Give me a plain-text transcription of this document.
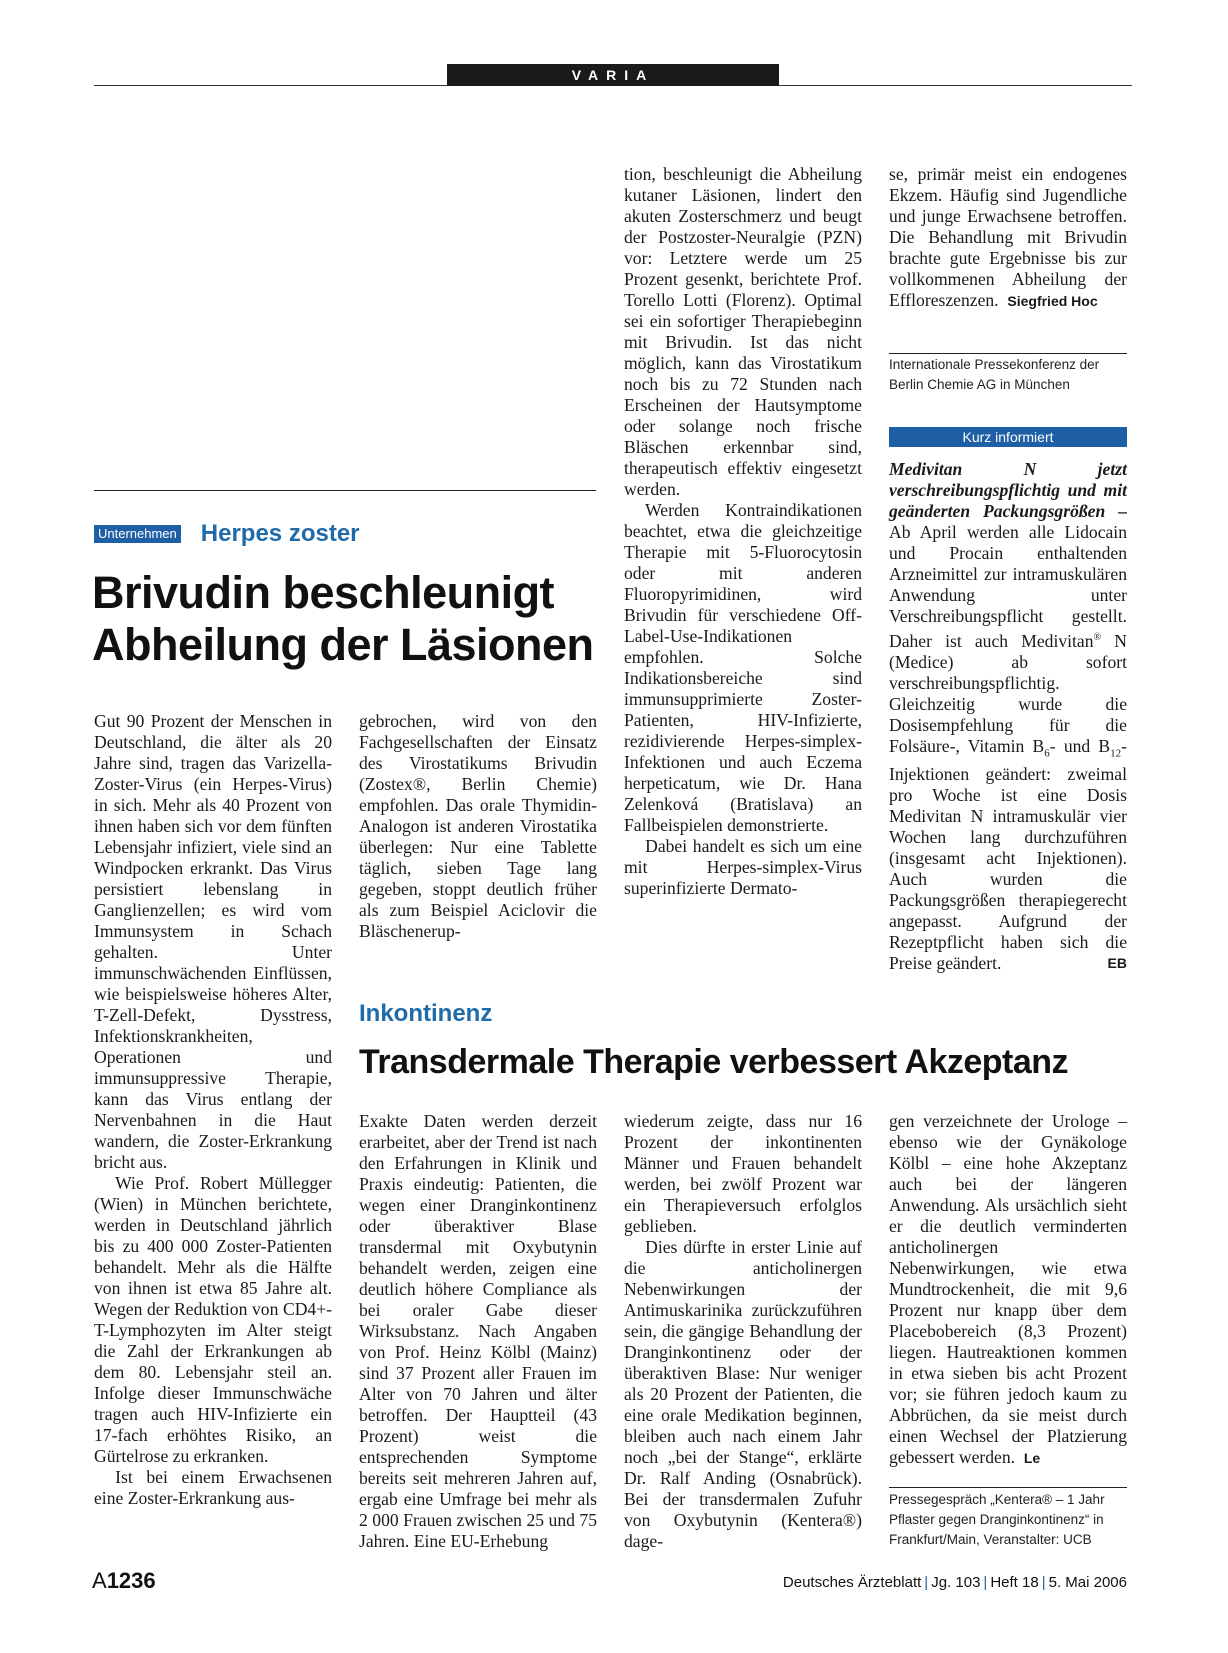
VARIA
Unternehmen Herpes zoster
Brivudin beschleunigt
Abheilung der Läsionen

Gut 90 Prozent der Menschen in Deutschland, die älter als 20 Jahre sind, tragen das Varizella-Zoster-Virus (ein Herpes-Virus) in sich. Mehr als 40 Prozent von ihnen haben sich vor dem fünften Lebensjahr infiziert, viele sind an Windpocken erkrankt. Das Virus persistiert lebenslang in Ganglienzellen; es wird vom Immunsystem in Schach gehalten. Unter immunschwächenden Einflüssen, wie beispielsweise höheres Alter, T-Zell-Defekt, Dysstress, Infektionskrankheiten, Operationen und immunsuppressive Therapie, kann das Virus entlang der Nervenbahnen in die Haut wandern, die Zoster-Erkrankung bricht aus.

Wie Prof. Robert Müllegger (Wien) in München berichtete, werden in Deutschland jährlich bis zu 400 000 Zoster-Patienten behandelt. Mehr als die Hälfte von ihnen ist etwa 85 Jahre alt. Wegen der Reduktion von CD4+-T-Lymphozyten im Alter steigt die Zahl der Erkrankungen ab dem 80. Lebensjahr steil an. Infolge dieser Immunschwäche tragen auch HIV-Infizierte ein 17-fach erhöhtes Risiko, an Gürtelrose zu erkranken.

Ist bei einem Erwachsenen eine Zoster-Erkrankung aus-

gebrochen, wird von den Fachgesellschaften der Einsatz des Virostatikums Brivudin (Zostex®, Berlin Chemie) empfohlen. Das orale Thymidin-Analogon ist anderen Virostatika überlegen: Nur eine Tablette täglich, sieben Tage lang gegeben, stoppt deutlich früher als zum Beispiel Aciclovir die Bläschenerup-

tion, beschleunigt die Abheilung kutaner Läsionen, lindert den akuten Zosterschmerz und beugt der Postzoster-Neuralgie (PZN) vor: Letztere werde um 25 Prozent gesenkt, berichtete Prof. Torello Lotti (Florenz). Optimal sei ein sofortiger Therapiebeginn mit Brivudin. Ist das nicht möglich, kann das Virostatikum noch bis zu 72 Stunden nach Erscheinen der Hautsymptome oder solange noch frische Bläschen erkennbar sind, therapeutisch effektiv eingesetzt werden.

Werden Kontraindikationen beachtet, etwa die gleichzeitige Therapie mit 5-Fluorocytosin oder mit anderen Fluoropyrimidinen, wird Brivudin für verschiedene Off-Label-Use-Indikationen empfohlen. Solche Indikationsbereiche sind immunsupprimierte Zoster-Patienten, HIV-Infizierte, rezidivierende Herpes-simplex-Infektionen und auch Eczema herpeticatum, wie Dr. Hana Zelenková (Bratislava) an Fallbeispielen demonstrierte.

Dabei handelt es sich um eine mit Herpes-simplex-Virus superinfizierte Dermato-

se, primär meist ein endogenes Ekzem. Häufig sind Jugendliche und junge Erwachsene betroffen. Die Behandlung mit Brivudin brachte gute Ergebnisse bis zur vollkommenen Abheilung der Effloreszenzen. Siegfried Hoc

Internationale Pressekonferenz der Berlin Chemie AG in München
Kurz informiert

Medivitan N jetzt verschreibungspflichtig und mit geänderten Packungsgrößen – Ab April werden alle Lidocain und Procain enthaltenden Arzneimittel zur intramuskulären Anwendung unter Verschreibungspflicht gestellt. Daher ist auch Medivitan® N (Medice) ab sofort verschreibungspflichtig. Gleichzeitig wurde die Dosisempfehlung für die Folsäure-, Vitamin $B_6-$ und $B_{12}$-Injektionen geändert: zweimal pro Woche ist eine Dosis Medivitan N intramuskulär vier Wochen lang durchzuführen (insgesamt acht Injektionen). Auch wurden die Packungsgrößen therapiegerecht angepasst. Aufgrund der Rezeptpflicht haben sich die Preise geändert.	EB

Inkontinenz
Transdermale Therapie verbessert Akzeptanz

Exakte Daten werden derzeit erarbeitet, aber der Trend ist nach den Erfahrungen in Klinik und Praxis eindeutig: Patienten, die wegen einer Dranginkontinenz oder überaktiver Blase transdermal mit Oxybutynin behandelt werden, zeigen eine deutlich höhere Compliance als bei oraler Gabe dieser Wirksubstanz. Nach Angaben von Prof. Heinz Kölbl (Mainz) sind 37 Prozent aller Frauen im Alter von 70 Jahren und älter betroffen. Der Hauptteil (43 Prozent) weist die entsprechenden Symptome bereits seit mehreren Jahren auf, ergab eine Umfrage bei mehr als 2 000 Frauen zwischen 25 und 75 Jahren. Eine EU-Erhebung

wiederum zeigte, dass nur 16 Prozent der inkontinenten Männer und Frauen behandelt werden, bei zwölf Prozent war ein Therapieversuch erfolglos geblieben.

Dies dürfte in erster Linie auf die anticholinergen Nebenwirkungen der Antimuskarinika zurückzuführen sein, die gängige Behandlung der Dranginkontinenz oder der überaktiven Blase: Nur weniger als 20 Prozent der Patienten, die eine orale Medikation beginnen, bleiben auch nach einem Jahr noch „bei der Stange“, erklärte Dr. Ralf Anding (Osnabrück). Bei der transdermalen Zufuhr von Oxybutynin (Kentera®) dage-

gen verzeichnete der Urologe – ebenso wie der Gynäkologe Kölbl – eine hohe Akzeptanz auch bei der längeren Anwendung. Als ursächlich sieht er die deutlich verminderten anticholinergen Nebenwirkungen, wie etwa Mundtrockenheit, die mit 9,6 Prozent nur knapp über dem Placebobereich (8,3 Prozent) liegen. Hautreaktionen kommen in etwa sieben bis acht Prozent vor; sie führen jedoch kaum zu Abbrüchen, da sie meist durch einen Wechsel der Platzierung gebessert werden. Le

Pressegespräch „Kentera® – 1 Jahr Pflaster gegen Dranginkontinenz“ in Frankfurt/Main, Veranstalter: UCB
A1236	Deutsches Ärzteblatt | Jg. 103 | Heft 18 | 5. Mai 2006
